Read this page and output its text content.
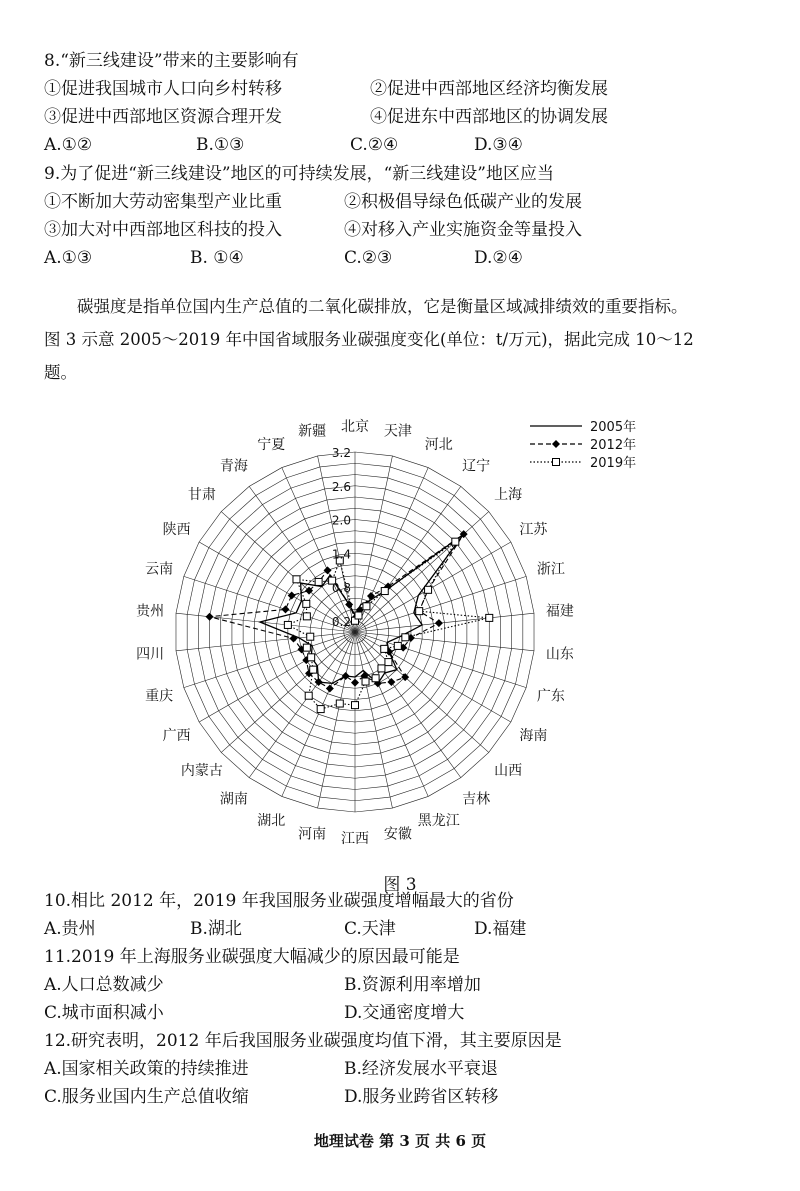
8.“新三线建设”带来的主要影响有
①促进我国城市人口向乡村转移	②促进中西部地区经济均衡发展
③促进中西部地区资源合理开发	④促进东中西部地区的协调发展
A.①②	B.①③	C.②④	D.③④
9.为了促进“新三线建设”地区的可持续发展，“新三线建设”地区应当
①不断加大劳动密集型产业比重	②积极倡导绿色低碳产业的发展
③加大对中西部地区科技的投入	④对移入产业实施资金等量投入
A.①③	B. ①④	C.②③	D.②④

碳强度是指单位国内生产总值的二氧化碳排放，它是衡量区域减排绩效的重要指标。

图 3 示意 2005～2019 年中国省域服务业碳强度变化(单位：t/万元)，据此完成 10～12
题。
北京 天津
河北
辽宁
上海
江苏
浙江
福建
山东
广东
海南
山西
吉林
黑龙江
安徽
江西
河南
湖北
湖南
内蒙古
广西
重庆
四川
贵州
云南
陕西
甘肃
青海
宁夏
新疆
0.2
0.8
1.4
2.0
2.6
3.2
2005年
2012年
2019年
图 3
10.相比 2012 年，2019 年我国服务业碳强度增幅最大的省份
A.贵州	B.湖北	C.天津	D.福建
11.2019 年上海服务业碳强度大幅减少的原因最可能是
A.人口总数减少	B.资源利用率增加
C.城市面积减小	D.交通密度增大
12.研究表明，2012 年后我国服务业碳强度均值下滑，其主要原因是
A.国家相关政策的持续推进	B.经济发展水平衰退
C.服务业国内生产总值收缩	D.服务业跨省区转移
地理试卷 第 3 页 共 6 页
